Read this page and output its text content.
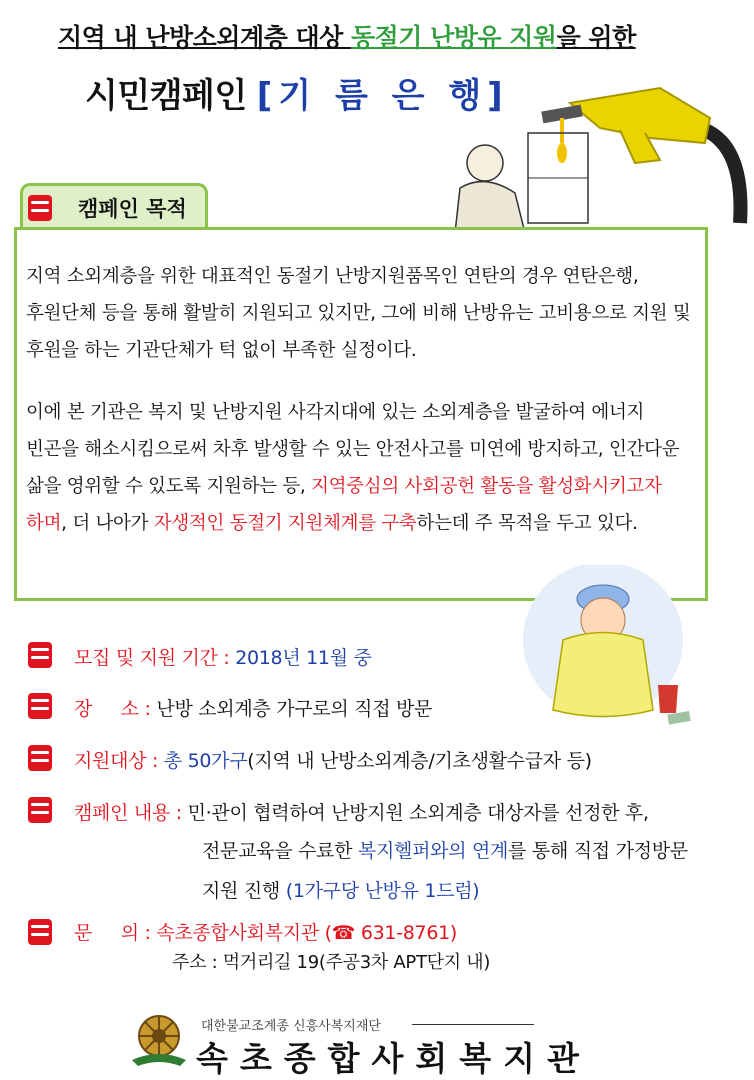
지역 내 난방소외계층 대상 동절기 난방유 지원을 위한
시민캠페인 [기 름 은 행]
캠페인 목적
지역 소외계층을 위한 대표적인 동절기 난방지원품목인 연탄의 경우 연탄은행, 후원단체 등을 통해 활발히 지원되고 있지만, 그에 비해 난방유는 고비용으로 지원 및 후원을 하는 기관단체가 턱 없이 부족한 실정이다.
이에 본 기관은 복지 및 난방지원 사각지대에 있는 소외계층을 발굴하여 에너지 빈곤을 해소시킴으로써 차후 발생할 수 있는 안전사고를 미연에 방지하고, 인간다운 삶을 영위할 수 있도록 지원하는 등, 지역중심의 사회공헌 활동을 활성화시키고자 하며, 더 나아가 자생적인 동절기 지원체계를 구축하는데 주 목적을 두고 있다.
모집 및 지원 기간 : 2018년 11월 중
장     소 : 난방 소외계층 가구로의 직접 방문
지원대상 : 총 50가구(지역 내 난방소외계층/기초생활수급자 등)
캠페인 내용 : 민·관이 협력하여 난방지원 소외계층 대상자를 선정한 후,
전문교육을 수료한 복지헬퍼와의 연계를 통해 직접 가정방문
지원 진행 (1가구당 난방유 1드럼)
문     의 : 속초종합사회복지관 (☎ 631-8761)
주소 : 먹거리길 19(주공3차 APT단지 내)
대한불교조계종 신흥사복지재단
속초종합사회복지관
